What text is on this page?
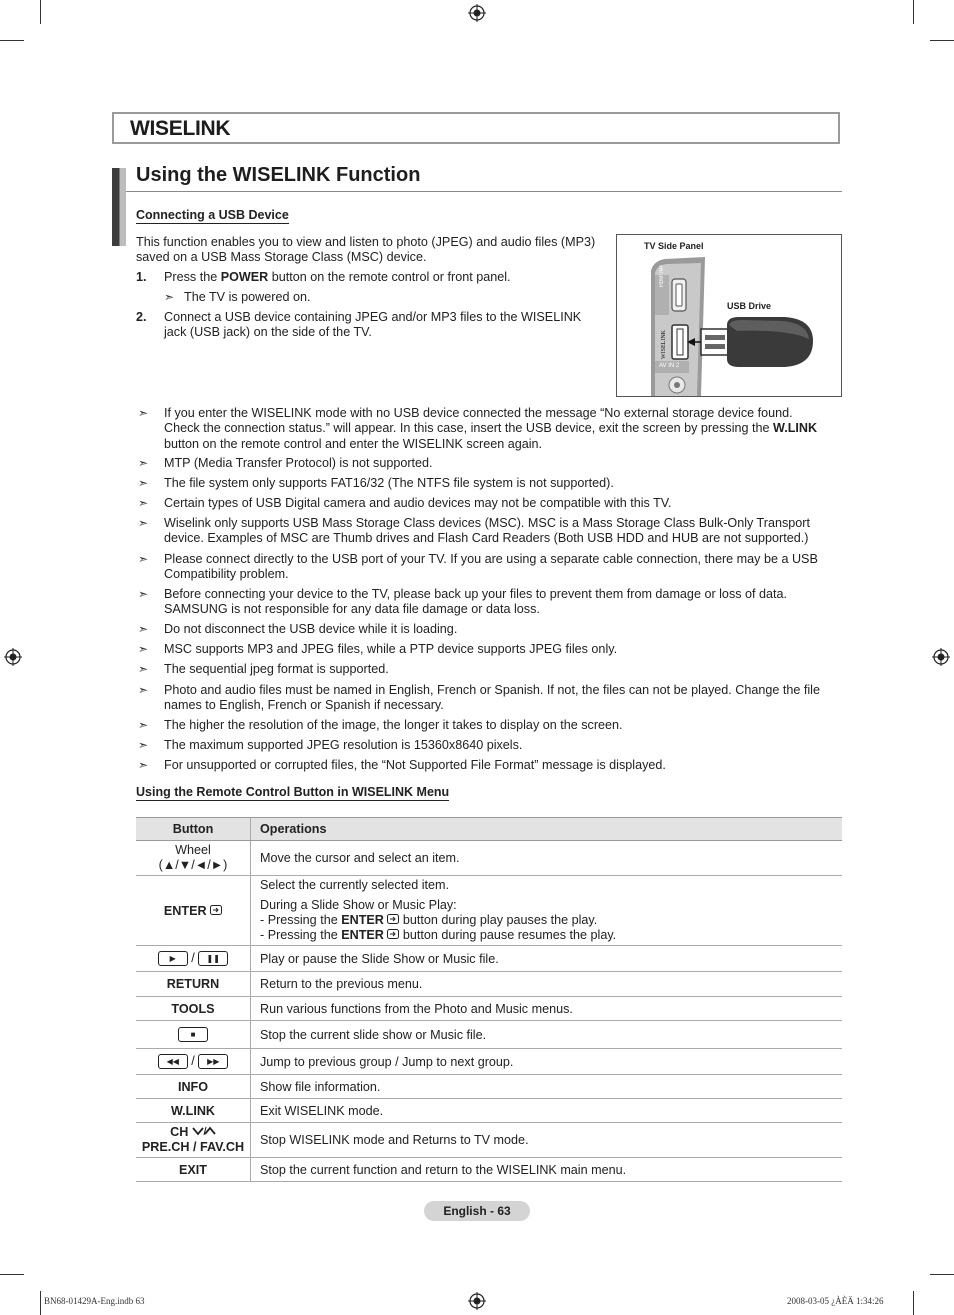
WISELINK
Using the WISELINK Function
Connecting a USB Device
This function enables you to view and listen to photo (JPEG) and audio files (MP3)
saved on a USB Mass Storage Class (MSC) device.
1. Press the POWER button on the remote control or front panel.
➣ The TV is powered on.
2. Connect a USB device containing JPEG and/or MP3 files to the WISELINK
jack (USB jack) on the side of the TV.
TV Side Panel
USB Drive
HDMI IN4
WISELINK
AV IN 2
➣ If you enter the WISELINK mode with no USB device connected the message “No external storage device found.
Check the connection status.” will appear. In this case, insert the USB device, exit the screen by pressing the W.LINK
button on the remote control and enter the WISELINK screen again.
➣ MTP (Media Transfer Protocol) is not supported.
➣ The file system only supports FAT16/32 (The NTFS file system is not supported).
➣ Certain types of USB Digital camera and audio devices may not be compatible with this TV.
➣ Wiselink only supports USB Mass Storage Class devices (MSC). MSC is a Mass Storage Class Bulk-Only Transport
device. Examples of MSC are Thumb drives and Flash Card Readers (Both USB HDD and HUB are not supported.)
➣ Please connect directly to the USB port of your TV. If you are using a separate cable connection, there may be a USB
Compatibility problem.
➣ Before connecting your device to the TV, please back up your files to prevent them from damage or loss of data.
SAMSUNG is not responsible for any data file damage or data loss.
➣ Do not disconnect the USB device while it is loading.
➣ MSC supports MP3 and JPEG files, while a PTP device supports JPEG files only.
➣ The sequential jpeg format is supported.
➣ Photo and audio files must be named in English, French or Spanish. If not, the files can not be played. Change the file
names to English, French or Spanish if necessary.
➣ The higher the resolution of the image, the longer it takes to display on the screen.
➣ The maximum supported JPEG resolution is 15360x8640 pixels.
➣ For unsupported or corrupted files, the “Not Supported File Format” message is displayed.
Using the Remote Control Button in WISELINK Menu
Button	Operations

Wheel
(▲/▼/◄/►)	Move the cursor and select an item.
ENTER	Select the currently selected item.
During a Slide Show or Music Play:
- Pressing the ENTER  button during play pauses the play.
- Pressing the ENTER  button during pause resumes the play.

▶ / ❚❚	Play or pause the Slide Show or Music file.
RETURN	Return to the previous menu.
TOOLS	Run various functions from the Photo and Music menus.
■	Stop the current slide show or Music file.
◀◀ / ▶▶	Jump to previous group / Jump to next group.
INFO	Show file information.
W.LINK	Exit WISELINK mode.

CH
PRE.CH / FAV.CH	Stop WISELINK mode and Returns to TV mode.
EXIT	Stop the current function and return to the WISELINK main menu.
English - 63
BN68-01429A-Eng.indb 63	2008-03-05 ¿ÀÈÄ 1:34:26
